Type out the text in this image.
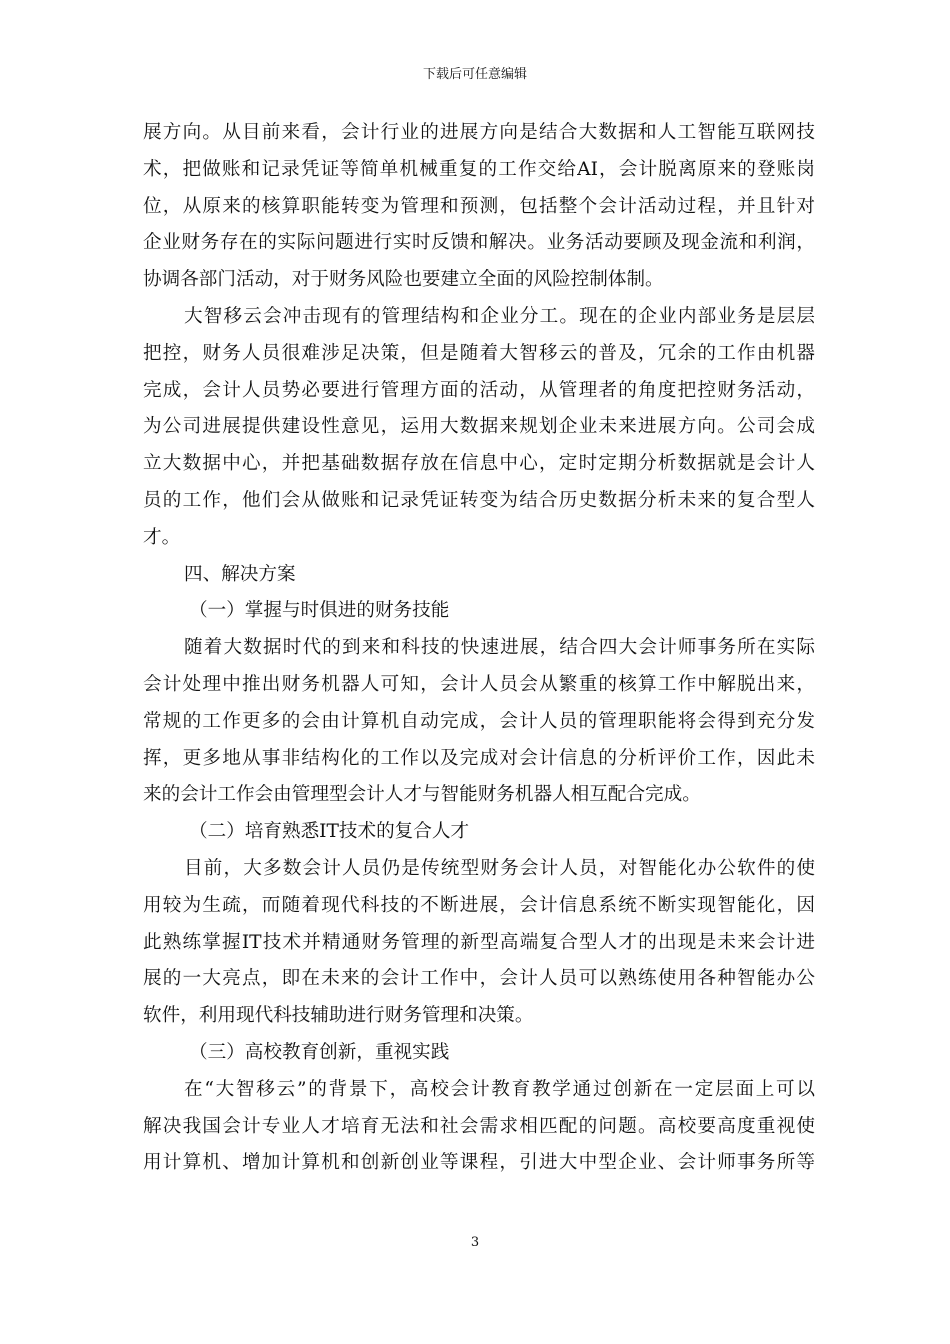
下载后可任意编辑
展方向。从目前来看，会计行业的进展方向是结合大数据和人工智能互联网技
术，把做账和记录凭证等简单机械重复的工作交给AI，会计脱离原来的登账岗
位，从原来的核算职能转变为管理和预测，包括整个会计活动过程，并且针对
企业财务存在的实际问题进行实时反馈和解决。业务活动要顾及现金流和利润，
协调各部门活动，对于财务风险也要建立全面的风险控制体制。
大智移云会冲击现有的管理结构和企业分工。现在的企业内部业务是层层
把控，财务人员很难涉足决策，但是随着大智移云的普及，冗余的工作由机器
完成，会计人员势必要进行管理方面的活动，从管理者的角度把控财务活动，
为公司进展提供建设性意见，运用大数据来规划企业未来进展方向。公司会成
立大数据中心，并把基础数据存放在信息中心，定时定期分析数据就是会计人
员的工作，他们会从做账和记录凭证转变为结合历史数据分析未来的复合型人
才。
四、解决方案
（一）掌握与时俱进的财务技能
随着大数据时代的到来和科技的快速进展，结合四大会计师事务所在实际
会计处理中推出财务机器人可知，会计人员会从繁重的核算工作中解脱出来，
常规的工作更多的会由计算机自动完成，会计人员的管理职能将会得到充分发
挥，更多地从事非结构化的工作以及完成对会计信息的分析评价工作，因此未
来的会计工作会由管理型会计人才与智能财务机器人相互配合完成。
（二）培育熟悉IT技术的复合人才
目前，大多数会计人员仍是传统型财务会计人员，对智能化办公软件的使
用较为生疏，而随着现代科技的不断进展，会计信息系统不断实现智能化，因
此熟练掌握IT技术并精通财务管理的新型高端复合型人才的出现是未来会计进
展的一大亮点，即在未来的会计工作中，会计人员可以熟练使用各种智能办公
软件，利用现代科技辅助进行财务管理和决策。
（三）高校教育创新，重视实践
在“大智移云”的背景下，高校会计教育教学通过创新在一定层面上可以
解决我国会计专业人才培育无法和社会需求相匹配的问题。高校要高度重视使
用计算机、增加计算机和创新创业等课程，引进大中型企业、会计师事务所等
3
